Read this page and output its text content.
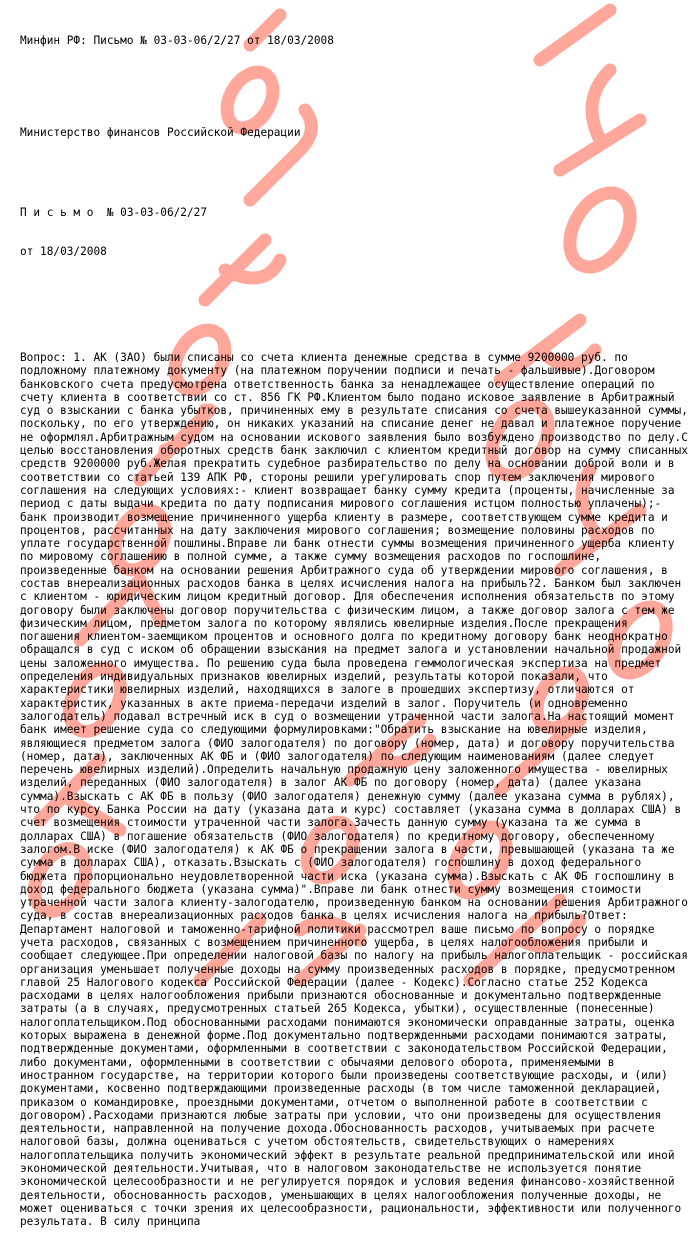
Минфин РФ: Письмо № 03-03-06/2/27 от 18/03/2008

Министерство финансов Российской Федерации

П и с ь м о  № 03-03-06/2/27

от 18/03/2008

Вопрос: 1. АК (ЗАО) были списаны со счета клиента денежные средства в сумме 9200000 руб. по подложному платежному документу (на платежном поручении подписи и печать - фальшивые).Договором банковского счета предусмотрена ответственность банка за ненадлежащее осуществление операций по счету клиента в соответствии со ст. 856 ГК РФ.Клиентом было подано исковое заявление в Арбитражный суд о взыскании с банка убытков, причиненных ему в результате списания со счета вышеуказанной суммы, поскольку, по его утверждению, он никаких указаний на списание денег не давал и платежное поручение не оформлял.Арбитражным судом на основании искового заявления было возбуждено производство по делу.С целью восстановления оборотных средств банк заключил с клиентом кредитный договор на сумму списанных средств 9200000 руб.Желая прекратить судебное разбирательство по делу на основании доброй воли и в соответствии со статьей 139 АПК РФ, стороны решили урегулировать спор путем заключения мирового соглашения на следующих условиях:- клиент возвращает банку сумму кредита (проценты, начисленные за период с даты выдачи кредита по дату подписания мирового соглашения истцом полностью уплачены);- банк производит возмещение причиненного ущерба клиенту в размере, соответствующем сумме кредита и процентов, рассчитанных на дату заключения мирового соглашения; возмещение половины расходов по уплате государственной пошлины.Вправе ли банк отнести суммы возмещения причиненного ущерба клиенту по мировому соглашению в полной сумме, а также сумму возмещения расходов по госпошлине, произведенные банком на основании решения Арбитражного суда об утверждении мирового соглашения, в состав внереализационных расходов банка в целях исчисления налога на прибыль?2. Банком был заключен с клиентом - юридическим лицом кредитный договор. Для обеспечения исполнения обязательств по этому договору были заключены договор поручительства с физическим лицом, а также договор залога с тем же физическим лицом, предметом залога по которому являлись ювелирные изделия.После прекращения погашения клиентом-заемщиком процентов и основного долга по кредитному договору банк неоднократно обращался в суд с иском об обращении взыскания на предмет залога и установлении начальной продажной цены заложенного имущества. По решению суда была проведена геммологическая экспертиза на предмет определения индивидуальных признаков ювелирных изделий, результаты которой показали, что характеристики ювелирных изделий, находящихся в залоге в прошедших экспертизу, отличаются от характеристик, указанных в акте приема-передачи изделий в залог. Поручитель (и одновременно залогодатель) подавал встречный иск в суд о возмещении утраченной части залога.На настоящий момент банк имеет решение суда со следующими формулировками:"Обратить взыскание на ювелирные изделия, являющиеся предметом залога (ФИО залогодателя) по договору (номер, дата) и договору поручительства (номер, дата), заключенных АК ФБ и (ФИО залогодателя) по следующим наименованиям (далее следует перечень ювелирных изделий).Определить начальную продажную цену заложенного имущества - ювелирных изделий, переданных (ФИО залогодателя) в залог АК ФБ по договору (номер, дата) (далее указана сумма).Взыскать с АК ФБ в пользу (ФИО залогодателя) денежную сумму (далее указана сумма в рублях), что по курсу Банка России на дату (указана дата и курс) составляет (указана сумма в долларах США) в счет возмещения стоимости утраченной части залога.Зачесть данную сумму (указана та же сумма в долларах США) в погашение обязательств (ФИО залогодателя) по кредитному договору, обеспеченному залогом.В иске (ФИО залогодателя) к АК ФБ о прекращении залога в части, превышающей (указана та же сумма в долларах США), отказать.Взыскать с (ФИО залогодателя) госпошлину в доход федерального бюджета пропорционально неудовлетворенной части иска (указана сумма).Взыскать с АК ФБ госпошлину в доход федерального бюджета (указана сумма)".Вправе ли банк отнести сумму возмещения стоимости утраченной части залога клиенту-залогодателю, произведенную банком на основании решения Арбитражного суда, в состав внереализационных расходов банка в целях исчисления налога на прибыль?Ответ: Департамент налоговой и таможенно-тарифной политики рассмотрел ваше письмо по вопросу о порядке учета расходов, связанных с возмещением причиненного ущерба, в целях налогообложения прибыли и сообщает следующее.При определении налоговой базы по налогу на прибыль налогоплательщик - российская организация уменьшает полученные доходы на сумму произведенных расходов в порядке, предусмотренном главой 25 Налогового кодекса Российской Федерации (далее - Кодекс).Согласно статье 252 Кодекса расходами в целях налогообложения прибыли признаются обоснованные и документально подтвержденные затраты (а в случаях, предусмотренных статьей 265 Кодекса, убытки), осуществленные (понесенные) налогоплательщиком.Под обоснованными расходами понимаются экономически оправданные затраты, оценка которых выражена в денежной форме.Под документально подтвержденными расходами понимаются затраты, подтвержденные документами, оформленными в соответствии с законодательством Российской Федерации, либо документами, оформленными в соответствии с обычаями делового оборота, применяемыми в иностранном государстве, на территории которого были произведены соответствующие расходы, и (или) документами, косвенно подтверждающими произведенные расходы (в том числе таможенной декларацией, приказом о командировке, проездными документами, отчетом о выполненной работе в соответствии с договором).Расходами признаются любые затраты при условии, что они произведены для осуществления деятельности, направленной на получение дохода.Обоснованность расходов, учитываемых при расчете налоговой базы, должна оцениваться с учетом обстоятельств, свидетельствующих о намерениях налогоплательщика получить экономический эффект в результате реальной предпринимательской или иной экономической деятельности.Учитывая, что в налоговом законодательстве не используется понятие экономической целесообразности и не регулируется порядок и условия ведения финансово-хозяйственной деятельности, обоснованность расходов, уменьшающих в целях налогообложения полученные доходы, не может оцениваться с точки зрения их целесообразности, рациональности, эффективности или полученного результата. В силу принципа
